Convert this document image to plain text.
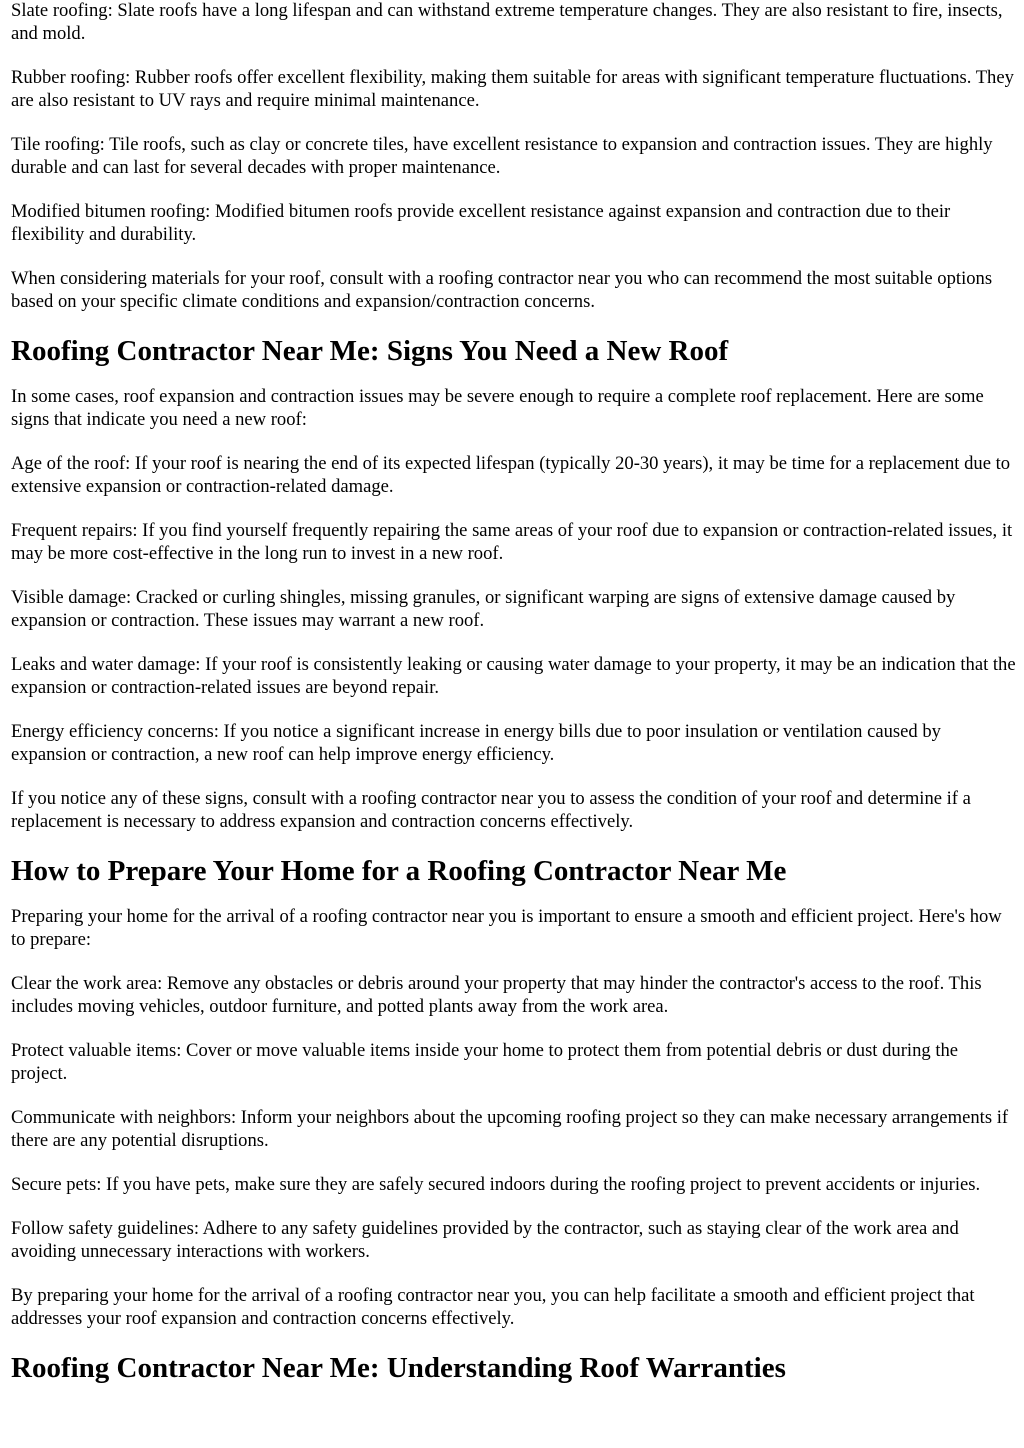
Slate roofing: Slate roofs have a long lifespan and can withstand extreme temperature changes. They are also resistant to fire, insects, and mold.

Rubber roofing: Rubber roofs offer excellent flexibility, making them suitable for areas with significant temperature fluctuations. They are also resistant to UV rays and require minimal maintenance.

Tile roofing: Tile roofs, such as clay or concrete tiles, have excellent resistance to expansion and contraction issues. They are highly durable and can last for several decades with proper maintenance.

Modified bitumen roofing: Modified bitumen roofs provide excellent resistance against expansion and contraction due to their flexibility and durability.

When considering materials for your roof, consult with a roofing contractor near you who can recommend the most suitable options based on your specific climate conditions and expansion/contraction concerns.

Roofing Contractor Near Me: Signs You Need a New Roof

In some cases, roof expansion and contraction issues may be severe enough to require a complete roof replacement. Here are some signs that indicate you need a new roof:

Age of the roof: If your roof is nearing the end of its expected lifespan (typically 20-30 years), it may be time for a replacement due to extensive expansion or contraction-related damage.

Frequent repairs: If you find yourself frequently repairing the same areas of your roof due to expansion or contraction-related issues, it may be more cost-effective in the long run to invest in a new roof.

Visible damage: Cracked or curling shingles, missing granules, or significant warping are signs of extensive damage caused by expansion or contraction. These issues may warrant a new roof.

Leaks and water damage: If your roof is consistently leaking or causing water damage to your property, it may be an indication that the expansion or contraction-related issues are beyond repair.

Energy efficiency concerns: If you notice a significant increase in energy bills due to poor insulation or ventilation caused by expansion or contraction, a new roof can help improve energy efficiency.

If you notice any of these signs, consult with a roofing contractor near you to assess the condition of your roof and determine if a replacement is necessary to address expansion and contraction concerns effectively.

How to Prepare Your Home for a Roofing Contractor Near Me

Preparing your home for the arrival of a roofing contractor near you is important to ensure a smooth and efficient project. Here's how to prepare:

Clear the work area: Remove any obstacles or debris around your property that may hinder the contractor's access to the roof. This includes moving vehicles, outdoor furniture, and potted plants away from the work area.

Protect valuable items: Cover or move valuable items inside your home to protect them from potential debris or dust during the project.

Communicate with neighbors: Inform your neighbors about the upcoming roofing project so they can make necessary arrangements if there are any potential disruptions.

Secure pets: If you have pets, make sure they are safely secured indoors during the roofing project to prevent accidents or injuries.

Follow safety guidelines: Adhere to any safety guidelines provided by the contractor, such as staying clear of the work area and avoiding unnecessary interactions with workers.

By preparing your home for the arrival of a roofing contractor near you, you can help facilitate a smooth and efficient project that addresses your roof expansion and contraction concerns effectively.

Roofing Contractor Near Me: Understanding Roof Warranties
